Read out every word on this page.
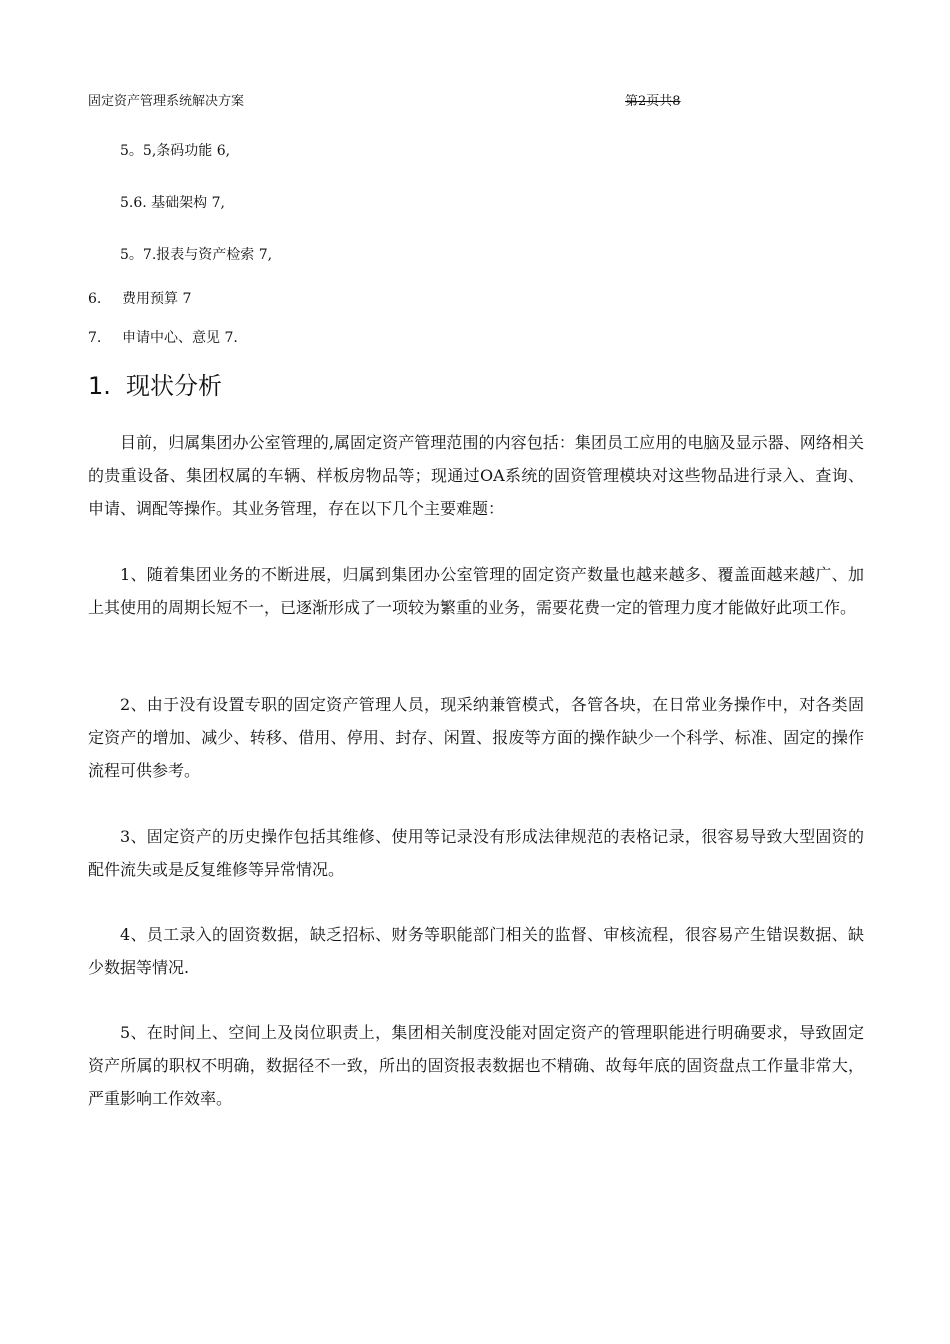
固定资产管理系统解决方案	第2页共8
5。5,条码功能 6,
5.6. 基础架构 7,
5。7.报表与资产检索 7,
6. 费用预算 7
7. 申请中心、意见 7.
1. 现状分析

目前，归属集团办公室管理的,属固定资产管理范围的内容包括：集团员工应用的电脑及显示器、网络相关的贵重设备、集团权属的车辆、样板房物品等；现通过OA系统的固资管理模块对这些物品进行录入、查询、申请、调配等操作。其业务管理，存在以下几个主要难题：

1、随着集团业务的不断进展，归属到集团办公室管理的固定资产数量也越来越多、覆盖面越来越广、加上其使用的周期长短不一，已逐渐形成了一项较为繁重的业务，需要花费一定的管理力度才能做好此项工作。

2、由于没有设置专职的固定资产管理人员，现采纳兼管模式，各管各块，在日常业务操作中，对各类固定资产的增加、减少、转移、借用、停用、封存、闲置、报废等方面的操作缺少一个科学、标准、固定的操作流程可供参考。

3、固定资产的历史操作包括其维修、使用等记录没有形成法律规范的表格记录，很容易导致大型固资的配件流失或是反复维修等异常情况。

4、员工录入的固资数据，缺乏招标、财务等职能部门相关的监督、审核流程，很容易产生错误数据、缺少数据等情况.

5、在时间上、空间上及岗位职责上，集团相关制度没能对固定资产的管理职能进行明确要求，导致固定资产所属的职权不明确，数据径不一致，所出的固资报表数据也不精确、故每年底的固资盘点工作量非常大，严重影响工作效率。
